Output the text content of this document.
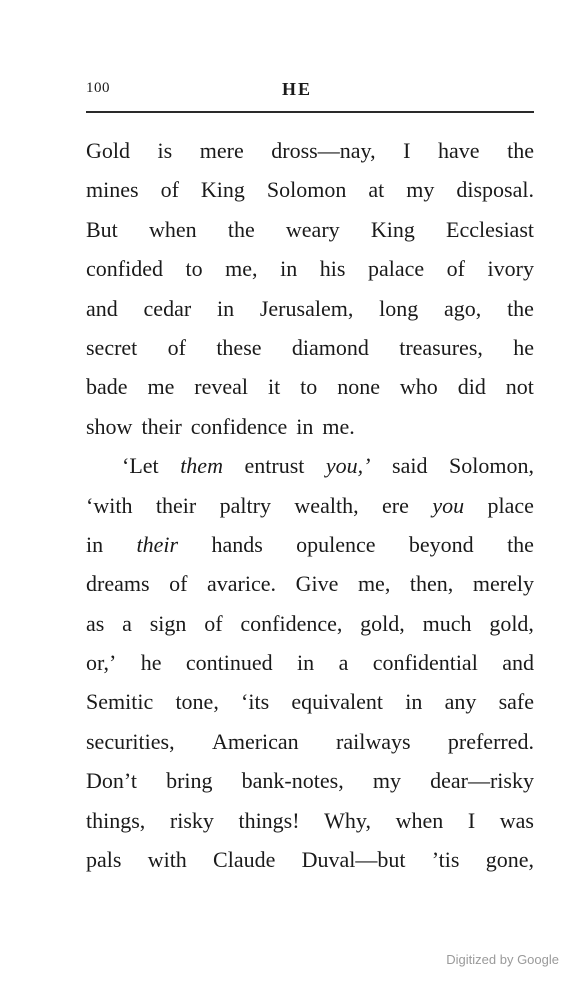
100	HE
Gold is mere dross—nay, I have the
mines of King Solomon at my disposal.
But when the weary King Ecclesiast
confided to me, in his palace of ivory
and cedar in Jerusalem, long ago, the
secret of these diamond treasures, he
bade me reveal it to none who did not
show their confidence in me.
‘Let them entrust you,’ said Solomon,
‘with their paltry wealth, ere you place
in their hands opulence beyond the
dreams of avarice. Give me, then, merely
as a sign of confidence, gold, much gold,
or,’ he continued in a confidential and
Semitic tone, ‘its equivalent in any safe
securities, American railways preferred.
Don’t bring bank-notes, my dear—risky
things, risky things! Why, when I was
pals with Claude Duval—but ’tis gone,
Digitized by Google
